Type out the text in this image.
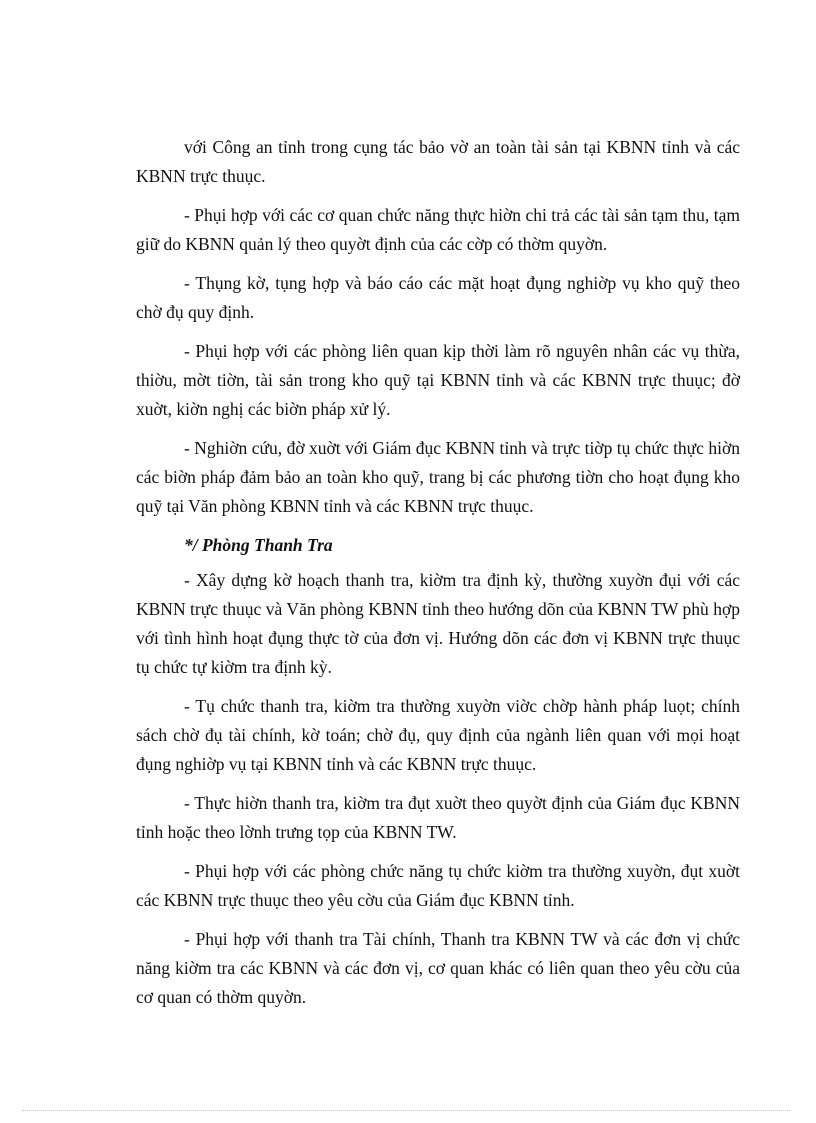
với Công an tỉnh trong cụng tác bảo vờ an toàn tài sản tại KBNN tỉnh và các KBNN trực thuục.

- Phụi hợp với các cơ quan chức năng thực hiờn chi trả các tài sản tạm thu, tạm giữ do KBNN quản lý theo quyờt định của các cờp có thờm quyờn.

- Thụng kờ, tụng hợp và báo cáo các mặt hoạt đụng nghiờp vụ kho quỹ theo chờ đụ quy định.

- Phụi hợp với các phòng liên quan kịp thời làm rõ nguyên nhân các vụ thừa, thiờu, mờt tiờn, tài sản trong kho quỹ tại KBNN tỉnh và các KBNN trực thuục; đờ xuờt, kiờn nghị các biờn pháp xử lý.

- Nghiờn cứu, đờ xuờt với Giám đục KBNN tỉnh và trực tiờp tụ chức thực hiờn các biờn pháp đảm bảo an toàn kho quỹ, trang bị các phương tiờn cho hoạt đụng kho quỹ tại Văn phòng KBNN tỉnh và các KBNN trực thuục.

*/ Phòng Thanh Tra

- Xây dựng kờ hoạch thanh tra, kiờm tra định kỳ, thường xuyờn đụi với các KBNN trực thuục và Văn phòng KBNN tỉnh theo hướng dõn của KBNN TW phù hợp với tình hình hoạt đụng thực tờ của đơn vị. Hướng dõn các đơn vị KBNN trực thuục tụ chức tự kiờm tra định kỳ.

- Tụ chức thanh tra, kiờm tra thường xuyờn viờc chờp hành pháp luọt; chính sách chờ đụ tài chính, kờ toán; chờ đụ, quy định của ngành liên quan với mọi hoạt đụng nghiờp vụ tại KBNN tỉnh và các KBNN trực thuục.

- Thực hiờn thanh tra, kiờm tra đụt xuờt theo quyờt định của Giám đục KBNN tỉnh hoặc theo lờnh trưng tọp của KBNN TW.

- Phụi hợp với các phòng chức năng tụ chức kiờm tra thường xuyờn, đụt xuờt các KBNN trực thuục theo yêu cờu của Giám đục KBNN tỉnh.

- Phụi hợp với thanh tra Tài chính, Thanh tra KBNN TW và các đơn vị chức năng kiờm tra các KBNN và các đơn vị, cơ quan khác có liên quan theo yêu cờu của cơ quan có thờm quyờn.
